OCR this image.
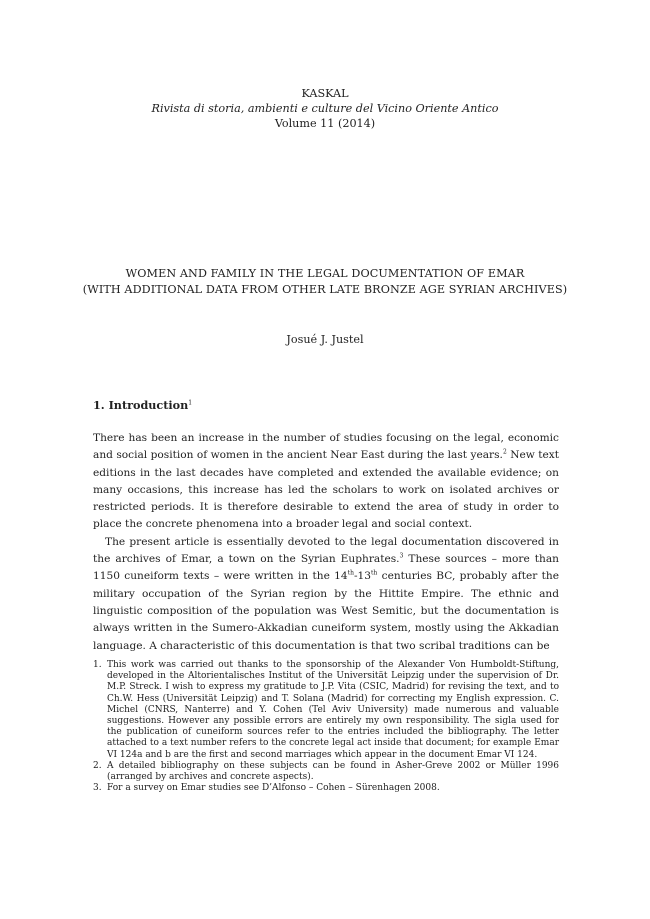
KASKAL
Rivista di storia, ambienti e culture del Vicino Oriente Antico
Volume 11 (2014)
WOMEN AND FAMILY IN THE LEGAL DOCUMENTATION OF EMAR
(WITH ADDITIONAL DATA FROM OTHER LATE BRONZE AGE SYRIAN ARCHIVES)
Josué J. Justel
1. Introduction$^1$

There has been an increase in the number of studies focusing on the legal, economic and social position of women in the ancient Near East during the last years.$^2$ New text editions in the last decades have completed and extended the available evidence; on many occasions, this increase has led the scholars to work on isolated archives or restricted periods. It is therefore desirable to extend the area of study in order to place the concrete phenomena into a broader legal and social context.

The present article is essentially devoted to the legal documentation discovered in the archives of Emar, a town on the Syrian Euphrates.$^3$ These sources – more than 1150 cuneiform texts – were written in the 14th-13th centuries BC, probably after the military occupation of the Syrian region by the Hittite Empire. The ethnic and linguistic composition of the population was West Semitic, but the documentation is always written in the Sumero-Akkadian cuneiform system, mostly using the Akkadian language. A characteristic of this documentation is that two scribal traditions can be

1. This work was carried out thanks to the sponsorship of the Alexander Von Humboldt-Stiftung, developed in the Altorientalisches Institut of the Universität Leipzig under the supervision of Dr. M.P. Streck. I wish to express my gratitude to J.P. Vita (CSIC, Madrid) for revising the text, and to Ch.W. Hess (Universität Leipzig) and T. Solana (Madrid) for correcting my English expression. C. Michel (CNRS, Nanterre) and Y. Cohen (Tel Aviv University) made numerous and valuable suggestions. However any possible errors are entirely my own responsibility. The sigla used for the publication of cuneiform sources refer to the entries included the bibliography. The letter attached to a text number refers to the concrete legal act inside that document; for example Emar VI 124a and b are the first and second marriages which appear in the document Emar VI 124.
2. A detailed bibliography on these subjects can be found in Asher-Greve 2002 or Müller 1996 (arranged by archives and concrete aspects).
3. For a survey on Emar studies see D’Alfonso – Cohen – Sürenhagen 2008.
